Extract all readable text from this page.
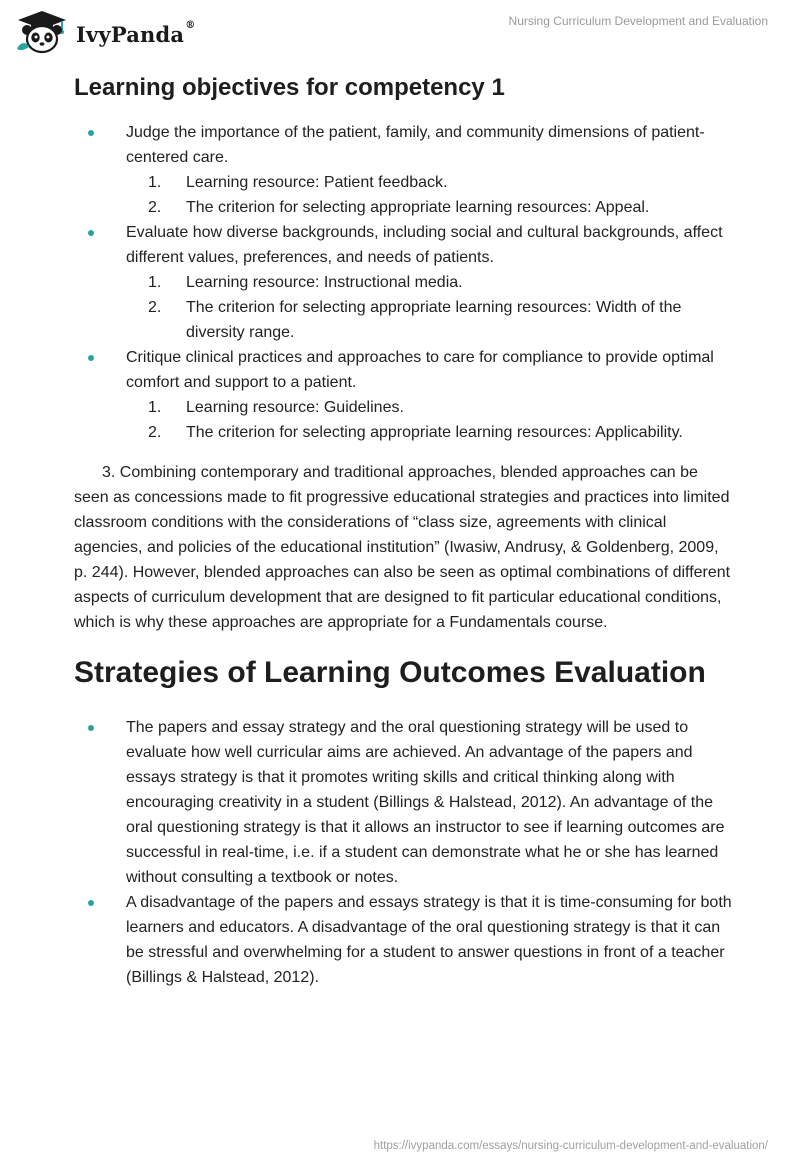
IvyPanda®	Nursing Curriculum Development and Evaluation
Learning objectives for competency 1
Judge the importance of the patient, family, and community dimensions of patient-centered care.
1. Learning resource: Patient feedback.
2. The criterion for selecting appropriate learning resources: Appeal.
Evaluate how diverse backgrounds, including social and cultural backgrounds, affect different values, preferences, and needs of patients.
1. Learning resource: Instructional media.
2. The criterion for selecting appropriate learning resources: Width of the diversity range.
Critique clinical practices and approaches to care for compliance to provide optimal comfort and support to a patient.
1. Learning resource: Guidelines.
2. The criterion for selecting appropriate learning resources: Applicability.

3. Combining contemporary and traditional approaches, blended approaches can be seen as concessions made to fit progressive educational strategies and practices into limited classroom conditions with the considerations of “class size, agreements with clinical agencies, and policies of the educational institution” (Iwasiw, Andrusy, & Goldenberg, 2009, p. 244). However, blended approaches can also be seen as optimal combinations of different aspects of curriculum development that are designed to fit particular educational conditions, which is why these approaches are appropriate for a Fundamentals course.

Strategies of Learning Outcomes Evaluation
The papers and essay strategy and the oral questioning strategy will be used to evaluate how well curricular aims are achieved. An advantage of the papers and essays strategy is that it promotes writing skills and critical thinking along with encouraging creativity in a student (Billings & Halstead, 2012). An advantage of the oral questioning strategy is that it allows an instructor to see if learning outcomes are successful in real-time, i.e. if a student can demonstrate what he or she has learned without consulting a textbook or notes.
A disadvantage of the papers and essays strategy is that it is time-consuming for both learners and educators. A disadvantage of the oral questioning strategy is that it can be stressful and overwhelming for a student to answer questions in front of a teacher (Billings & Halstead, 2012).
https://ivypanda.com/essays/nursing-curriculum-development-and-evaluation/
